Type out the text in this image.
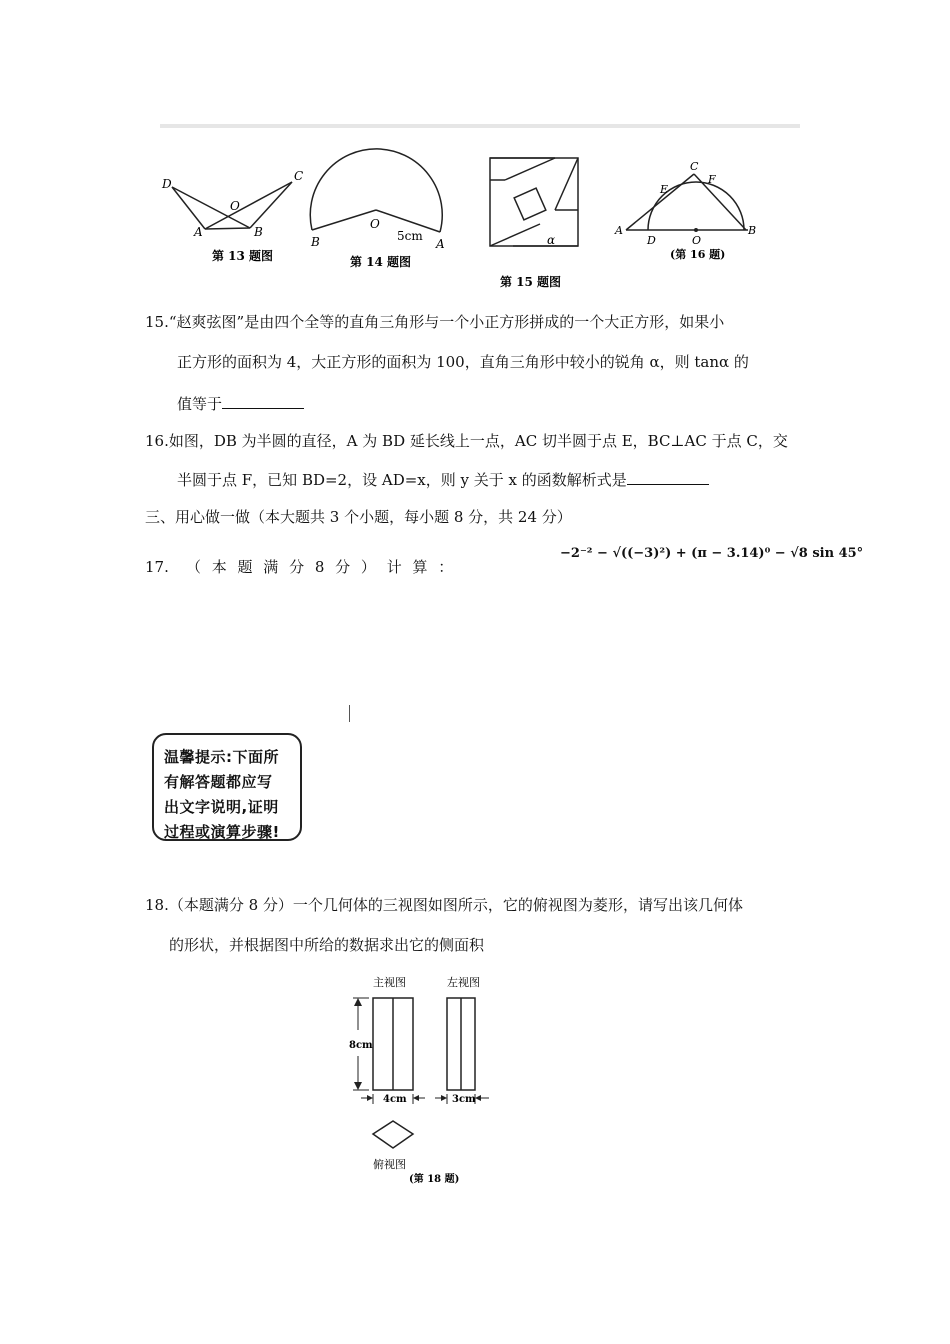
D
C
O
A	B
第 13 题图
O
B	A
5cm
第 14 题图
α
第 15 题图
C
E
F
A
D	O
B
(第 16 题)
15.“赵爽弦图”是由四个全等的直角三角形与一个小正方形拼成的一个大正方形，如果小
正方形的面积为 4，大正方形的面积为 100，直角三角形中较小的锐角 α，则 tanα 的
值等于
16.如图，DB 为半圆的直径，A 为 BD 延长线上一点，AC 切半圆于点 E，BC⊥AC 于点 C，交
半圆于点 F，已知 BD=2，设 AD=x，则 y 关于 x 的函数解析式是
三、用心做一做（本大题共 3 个小题，每小题 8 分，共 24 分）
17. （ 本 题 满 分 8 分 ） 计 算 ：
−2⁻² − √((−3)²) + (π − 3.14)⁰ − √8 sin 45°
温馨提示:下面所
有解答题都应写
出文字说明,证明
过程或演算步骤!
18.（本题满分 8 分）一个几何体的三视图如图所示，它的俯视图为菱形，请写出该几何体
的形状，并根据图中所给的数据求出它的侧面积
主视图	左视图
8cm
4cm	3cm
俯视图
(第 18 题)
